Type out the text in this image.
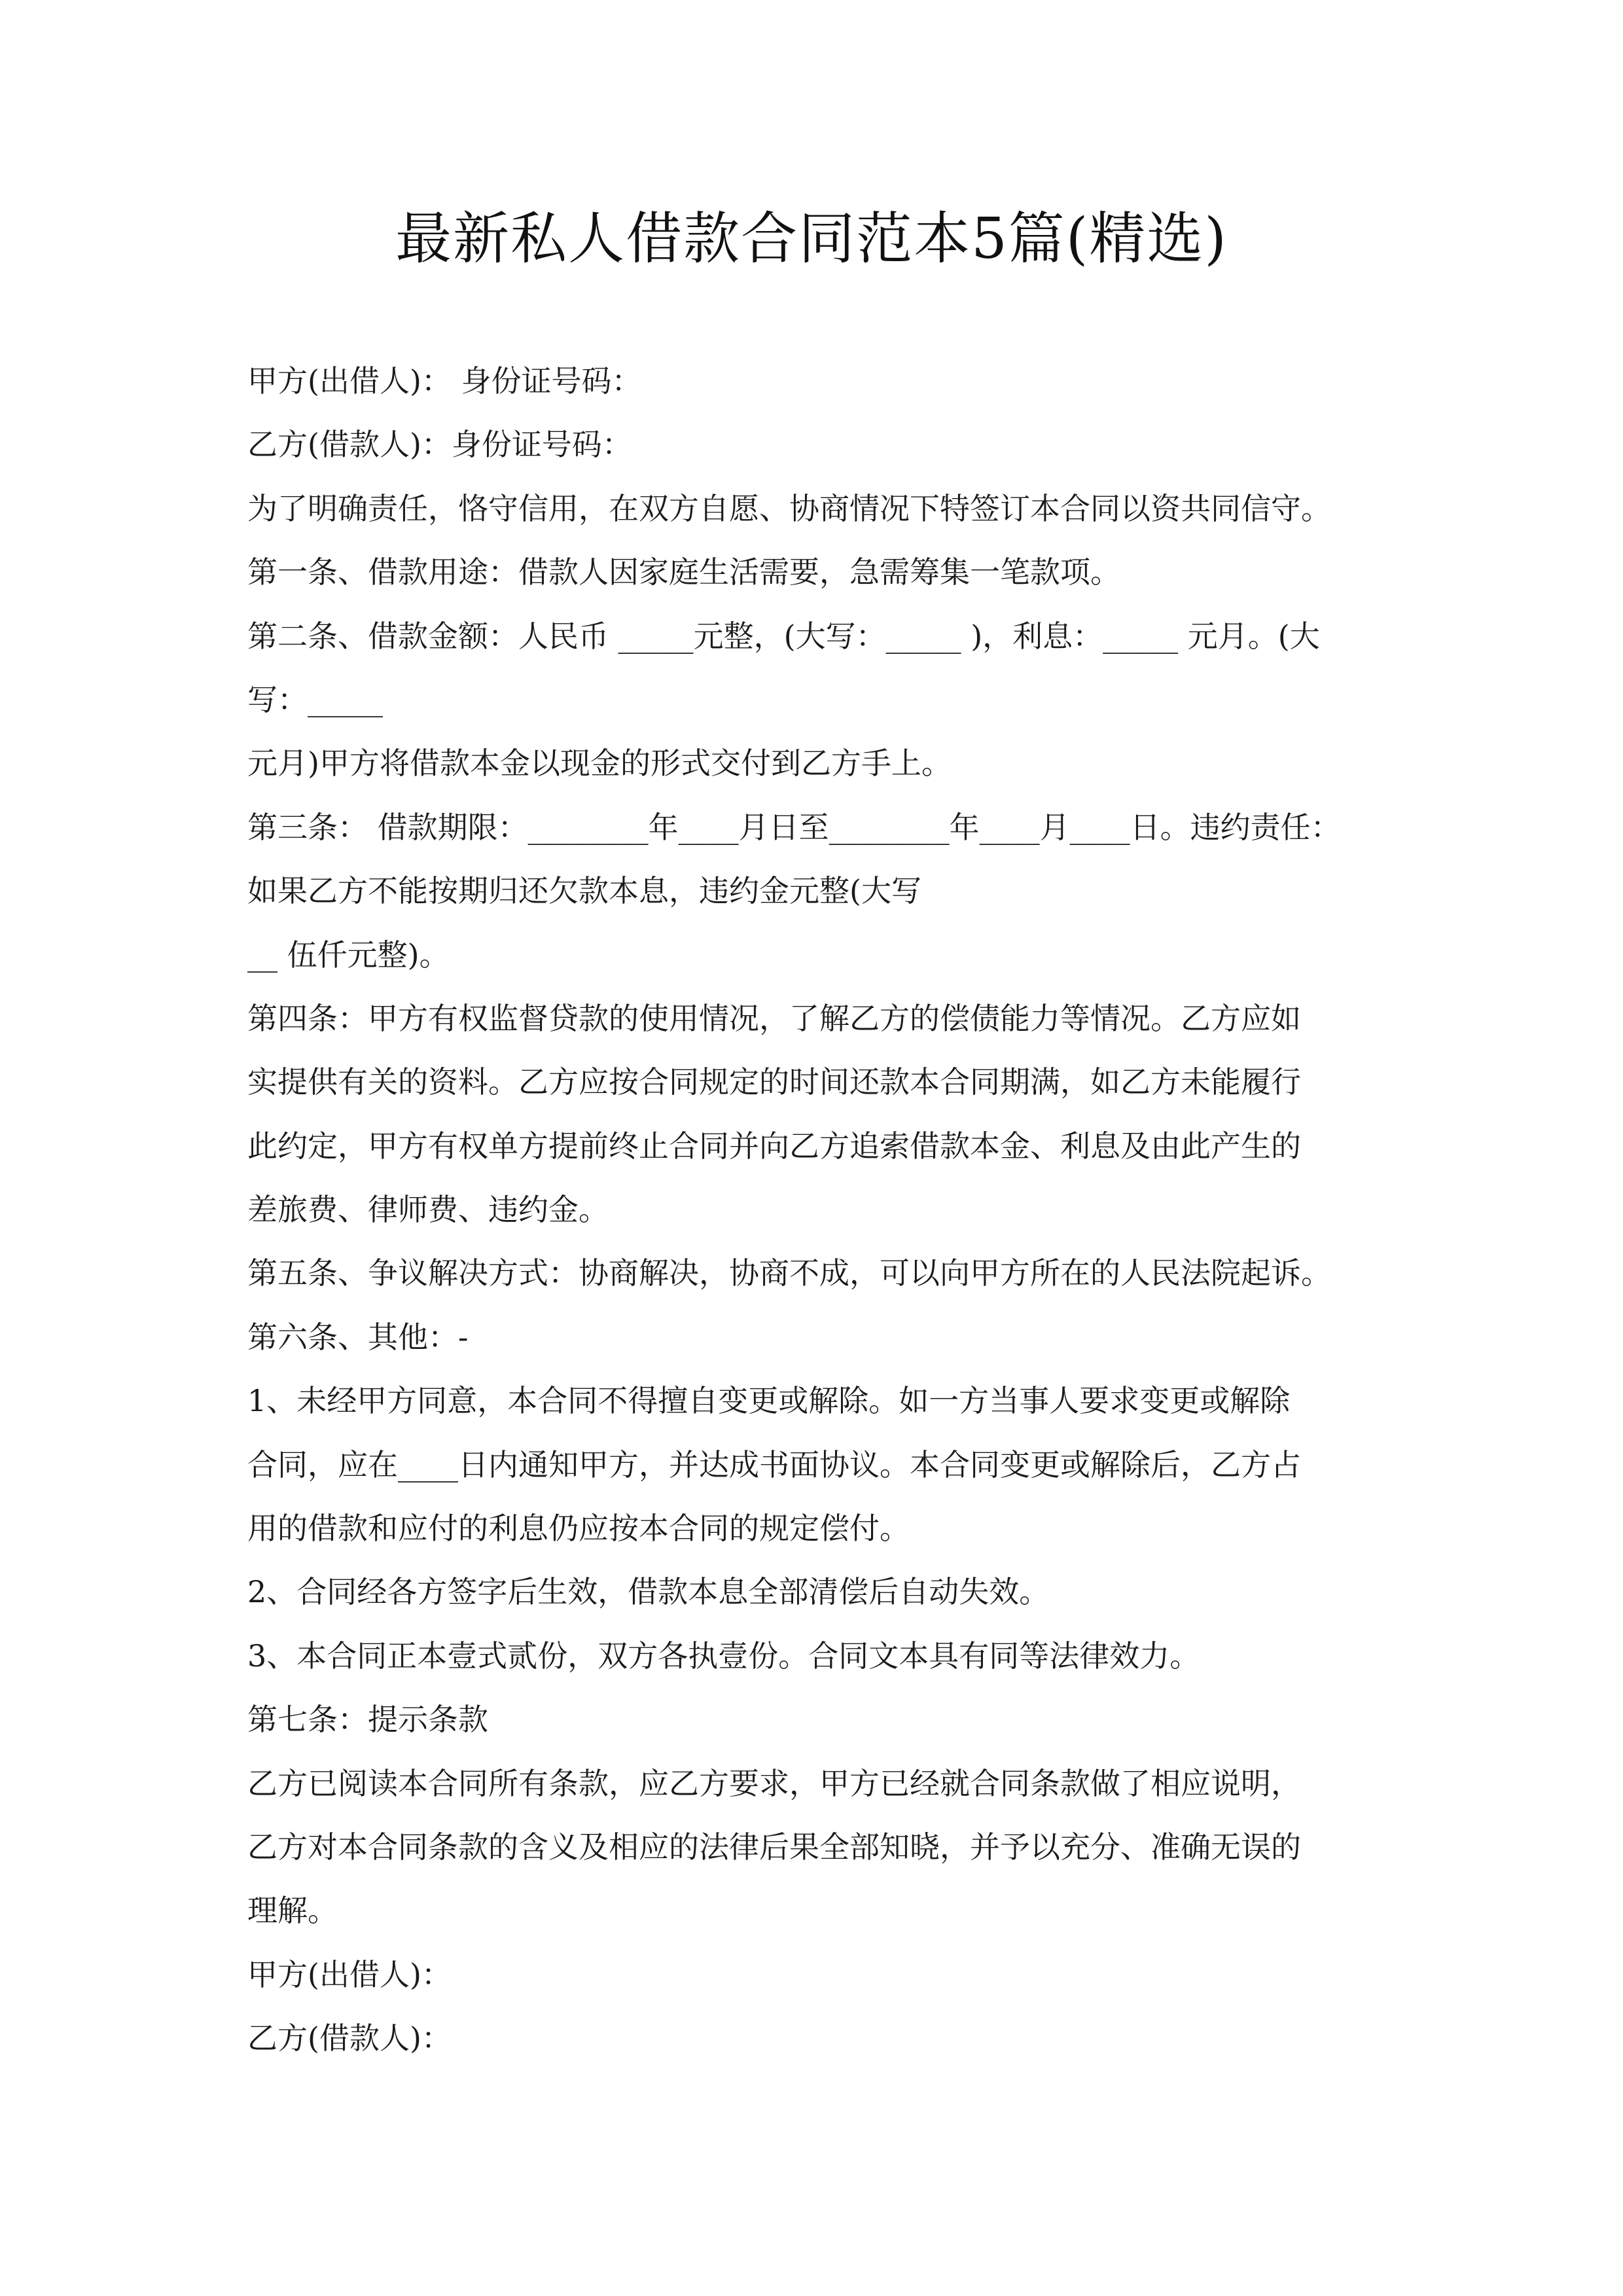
最新私人借款合同范本5篇(精选)
甲方(出借人)： 身份证号码：
乙方(借款人)：身份证号码：
为了明确责任，恪守信用，在双方自愿、协商情况下特签订本合同以资共同信守。
第一条、借款用途：借款人因家庭生活需要，急需筹集一笔款项。
第二条、借款金额：人民币 _____元整，(大写：_____ )，利息：_____ 元月。(大
写：_____
元月)甲方将借款本金以现金的形式交付到乙方手上。
第三条： 借款期限：________年____月日至________年____月____日。违约责任：
如果乙方不能按期归还欠款本息，违约金元整(大写
__ 伍仟元整)。
第四条：甲方有权监督贷款的使用情况，了解乙方的偿债能力等情况。乙方应如
实提供有关的资料。乙方应按合同规定的时间还款本合同期满，如乙方未能履行
此约定，甲方有权单方提前终止合同并向乙方追索借款本金、利息及由此产生的
差旅费、律师费、违约金。
第五条、争议解决方式：协商解决，协商不成，可以向甲方所在的人民法院起诉。
第六条、其他：-
1、未经甲方同意，本合同不得擅自变更或解除。如一方当事人要求变更或解除
合同，应在____日内通知甲方，并达成书面协议。本合同变更或解除后，乙方占
用的借款和应付的利息仍应按本合同的规定偿付。
2、合同经各方签字后生效，借款本息全部清偿后自动失效。
3、本合同正本壹式贰份，双方各执壹份。合同文本具有同等法律效力。
第七条：提示条款
乙方已阅读本合同所有条款，应乙方要求，甲方已经就合同条款做了相应说明，
乙方对本合同条款的含义及相应的法律后果全部知晓，并予以充分、准确无误的
理解。
甲方(出借人)：
乙方(借款人)：
